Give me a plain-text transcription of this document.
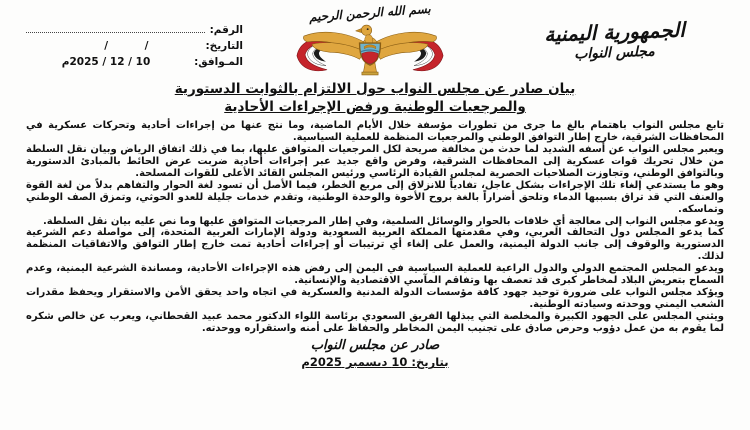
الجمهورية اليمنية
مجلس النواب
بسم الله الرحمن الرحيم
الرقم:
التاريخ:
/          /
المـوافق:
10 / 12 / 2025م
بيان صادر عن مجلس النواب حول الالتزام بالثوابت الدستورية
والمرجعيات الوطنية ورفض الإجراءات الأحادية

تابع مجلس النواب باهتمام بالغ ما جرى من تطورات مؤسفة خلال الأيام الماضية، وما نتج عنها من إجراءات أحادية وتحركات عسكرية في المحافظات الشرقية، خارج إطار التوافق الوطني والمرجعيات المنظمة للعملية السياسية.

ويعبر مجلس النواب عن أسفه الشديد لما حدث من مخالفة صريحة لكل المرجعيات المتوافق عليها، بما في ذلك اتفاق الرياض وبيان نقل السلطة من خلال تحريك قوات عسكرية إلى المحافظات الشرقية، وفرض واقع جديد عبر إجراءات أحادية ضربت عرض الحائط بالمبادئ الدستورية وبالتوافق الوطني، وتجاوزت الصلاحيات الحصرية لمجلس القيادة الرئاسي ورئيس المجلس القائد الأعلى للقوات المسلحة.

وهو ما يستدعي إلغاء تلك الإجراءات بشكل عاجل، تفادياً للانزلاق إلى مربع الخطر، فيما الأصل أن تسود لغة الحوار والتفاهم بدلاً من لغة القوة والعنف التي قد تراق بسببها الدماء وتلحق أضراراً بالغة بروح الأخوة والوحدة الوطنية، وتقدم خدمات جليلة للعدو الحوثي، وتمزق الصف الوطني وتماسكه.

ويدعو مجلس النواب إلى معالجة أي خلافات بالحوار والوسائل السلمية، وفي إطار المرجعيات المتوافق عليها وما نص عليه بيان نقل السلطة.

كما يدعو المجلس دول التحالف العربي، وفي مقدمتها المملكة العربية السعودية ودولة الإمارات العربية المتحدة، إلى مواصلة دعم الشرعية الدستورية والوقوف إلى جانب الدولة اليمنية، والعمل على إلغاء أي ترتيبات أو إجراءات أحادية تمت خارج إطار التوافق والاتفاقيات المنظمة لذلك.

ويدعو المجلس المجتمع الدولي والدول الراعية للعملية السياسية في اليمن إلى رفض هذه الإجراءات الأحادية، ومساندة الشرعية اليمنية، وعدم السماح بتعريض البلاد لمخاطر كبرى قد تعصف بها وتفاقم المآسي الاقتصادية والإنسانية.

ويؤكد مجلس النواب على ضرورة توحيد جهود كافة مؤسسات الدولة المدنية والعسكرية في اتجاه واحد يحقق الأمن والاستقرار ويحفظ مقدرات الشعب اليمني ووحدته وسيادته الوطنية.

ويثني المجلس على الجهود الكبيرة والمخلصة التي يبذلها الفريق السعودي برئاسة اللواء الدكتور محمد عبيد القحطاني، ويعرب عن خالص شكره لما يقوم به من عمل دؤوب وحرص صادق على تجنيب اليمن المخاطر والحفاظ على أمنه واستقراره ووحدته.

صادر عن مجلس النواب
بتاريخ: 10 ديسمبر 2025م
